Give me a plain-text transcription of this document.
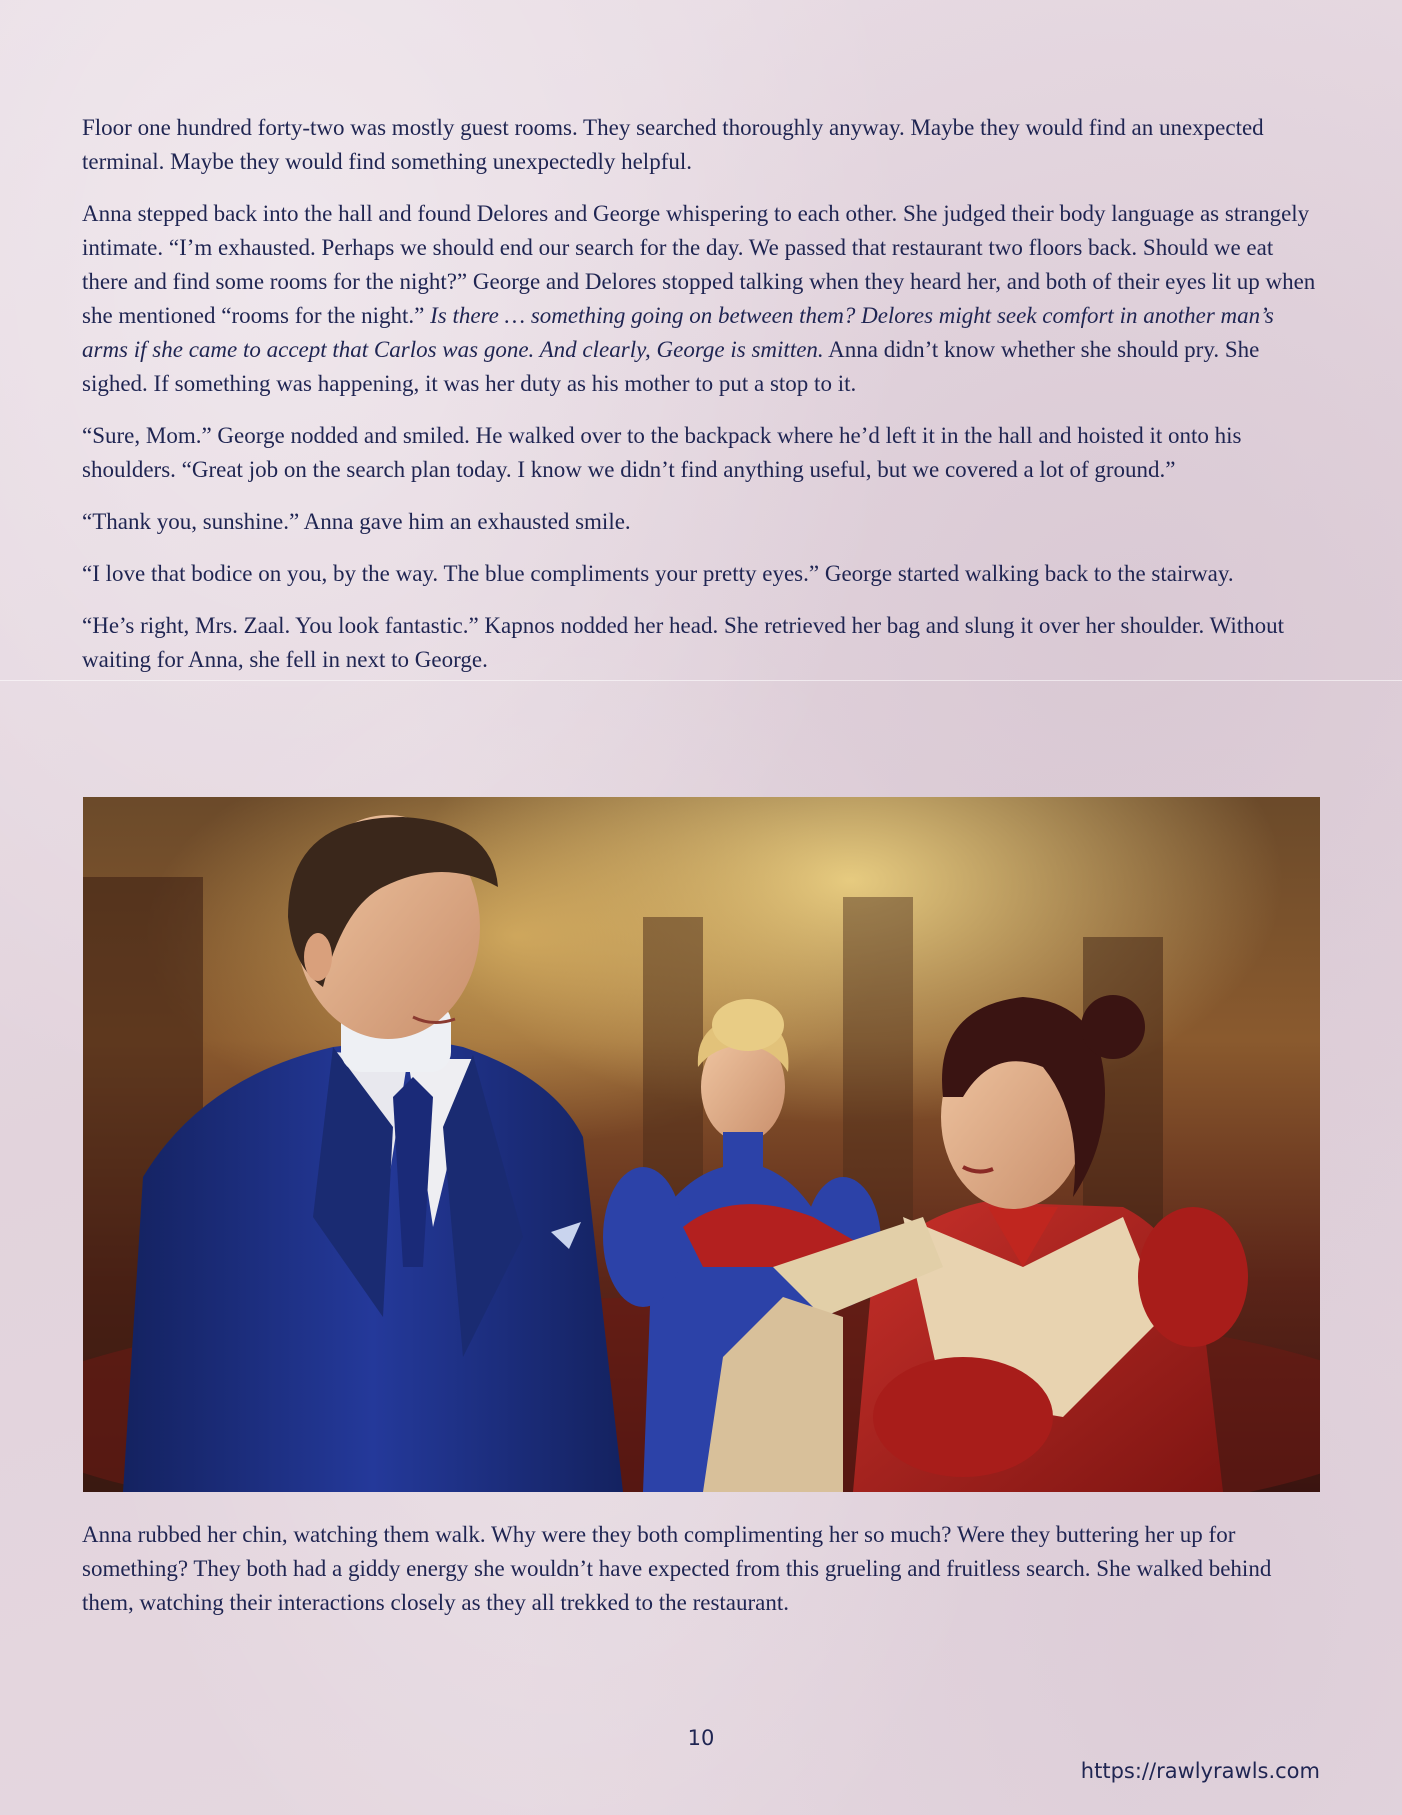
Floor one hundred forty-two was mostly guest rooms. They searched thoroughly anyway. Maybe they would find an unexpected terminal. Maybe they would find something unexpectedly helpful.

Anna stepped back into the hall and found Delores and George whispering to each other. She judged their body language as strangely intimate. “I’m exhausted. Perhaps we should end our search for the day. We passed that restaurant two floors back. Should we eat there and find some rooms for the night?” George and Delores stopped talking when they heard her, and both of their eyes lit up when she mentioned “rooms for the night.” Is there … something going on between them? Delores might seek comfort in another man’s arms if she came to accept that Carlos was gone. And clearly, George is smitten. Anna didn’t know whether she should pry. She sighed. If something was happening, it was her duty as his mother to put a stop to it.

“Sure, Mom.” George nodded and smiled. He walked over to the backpack where he’d left it in the hall and hoisted it onto his shoulders. “Great job on the search plan today. I know we didn’t find anything useful, but we covered a lot of ground.”

“Thank you, sunshine.” Anna gave him an exhausted smile.

“I love that bodice on you, by the way. The blue compliments your pretty eyes.” George started walking back to the stairway.

“He’s right, Mrs. Zaal. You look fantastic.” Kapnos nodded her head. She retrieved her bag and slung it over her shoulder. Without waiting for Anna, she fell in next to George.

Anna rubbed her chin, watching them walk. Why were they both complimenting her so much? Were they buttering her up for something? They both had a giddy energy she wouldn’t have expected from this grueling and fruitless search. She walked behind them, watching their interactions closely as they all trekked to the restaurant.

10
https://rawlyrawls.com
